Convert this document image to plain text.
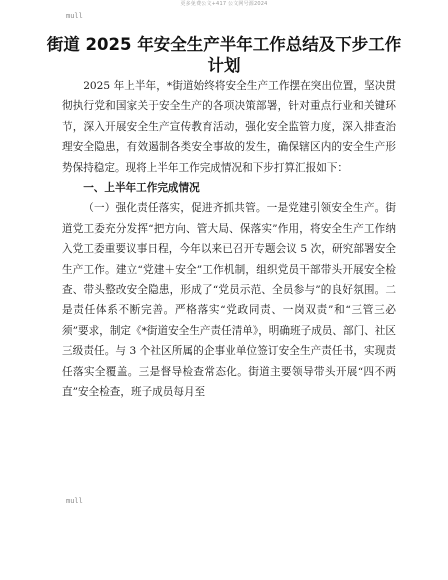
更多免费公文+417 公文网号源2024
mull
街道 2025 年安全生产半年工作总结及下步工作计划

2025 年上半年，*街道始终将安全生产工作摆在突出位置，坚决贯彻执行党和国家关于安全生产的各项决策部署，针对重点行业和关键环节，深入开展安全生产宣传教育活动，强化安全监管力度，深入排查治理安全隐患，有效遏制各类安全事故的发生，确保辖区内的安全生产形势保持稳定。现将上半年工作完成情况和下步打算汇报如下：

一、上半年工作完成情况

（一）强化责任落实，促进齐抓共管。一是党建引领安全生产。街道党工委充分发挥“把方向、管大局、保落实”作用，将安全生产工作纳入党工委重要议事日程，今年以来已召开专题会议 5 次，研究部署安全生产工作。建立“党建＋安全”工作机制，组织党员干部带头开展安全检查、带头整改安全隐患，形成了“党员示范、全员参与”的良好氛围。二是责任体系不断完善。严格落实“党政同责、一岗双责”和“三管三必须”要求，制定《*街道安全生产责任清单》，明确班子成员、部门、社区三级责任。与 3 个社区所属的企事业单位签订安全生产责任书，实现责任落实全覆盖。三是督导检查常态化。街道主要领导带头开展“四不两直”安全检查，班子成员每月至

mull
